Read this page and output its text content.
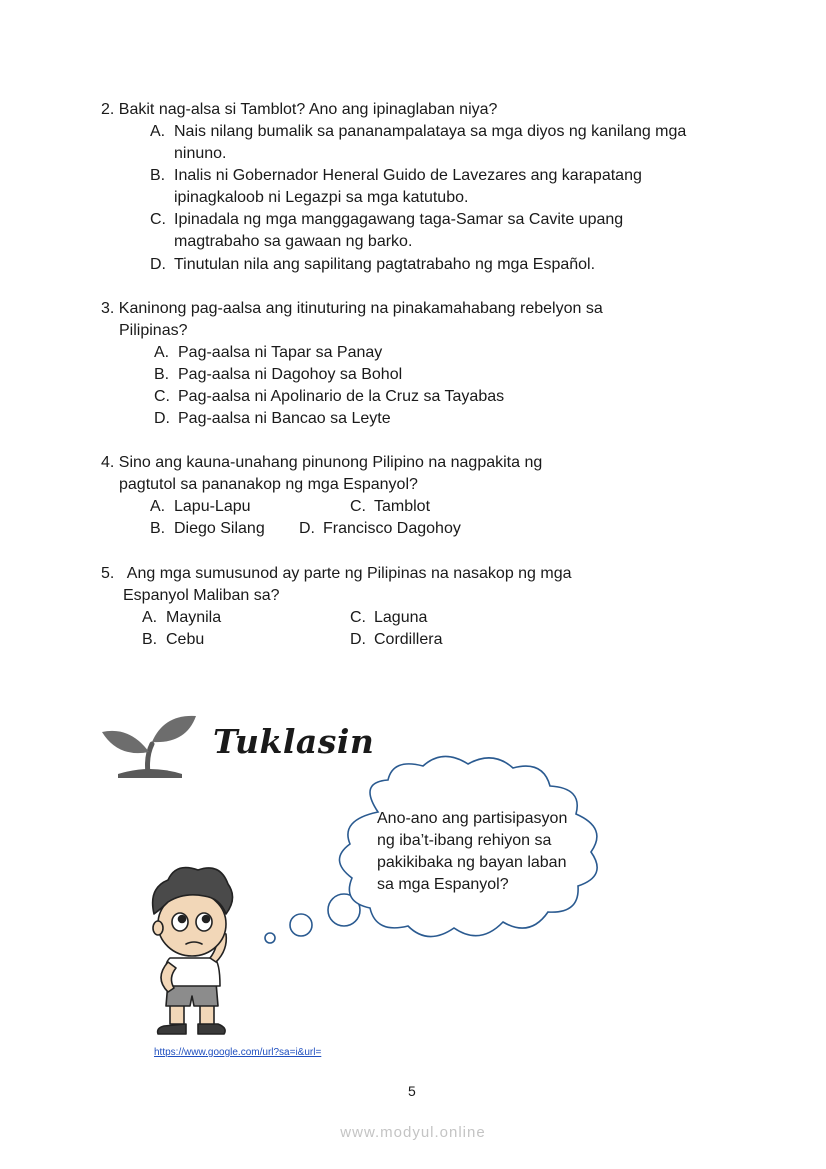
2. Bakit nag-alsa si Tamblot? Ano ang ipinaglaban niya?
A. Nais nilang bumalik sa pananampalataya sa mga diyos ng kanilang mga
ninuno.
B. Inalis ni Gobernador Heneral Guido de Lavezares ang karapatang
ipinagkaloob ni Legazpi sa mga katutubo.
C. Ipinadala ng mga manggagawang taga-Samar sa Cavite upang
magtrabaho sa gawaan ng barko.
D. Tinutulan nila ang sapilitang pagtatrabaho ng mga Español.
3. Kaninong pag-aalsa ang itinuturing na pinakamahabang rebelyon sa
Pilipinas?
A. Pag-aalsa ni Tapar sa Panay
B. Pag-aalsa ni Dagohoy sa Bohol
C. Pag-aalsa ni Apolinario de la Cruz sa Tayabas
D. Pag-aalsa ni Bancao sa Leyte
4. Sino ang kauna-unahang pinunong Pilipino na nagpakita ng
pagtutol sa pananakop ng mga Espanyol?
A. Lapu-Lapu	C. Tamblot
B. Diego Silang D. Francisco Dagohoy
5. Ang mga sumusunod ay parte ng Pilipinas na nasakop ng mga
Espanyol Maliban sa?
A. Maynila	C. Laguna
B. Cebu	D. Cordillera
Tuklasin
Ano-ano ang partisipasyon
ng iba’t-ibang rehiyon sa
pakikibaka ng bayan laban
sa mga Espanyol?
https://www.google.com/url?sa=i&url=
5
www.modyul.online
